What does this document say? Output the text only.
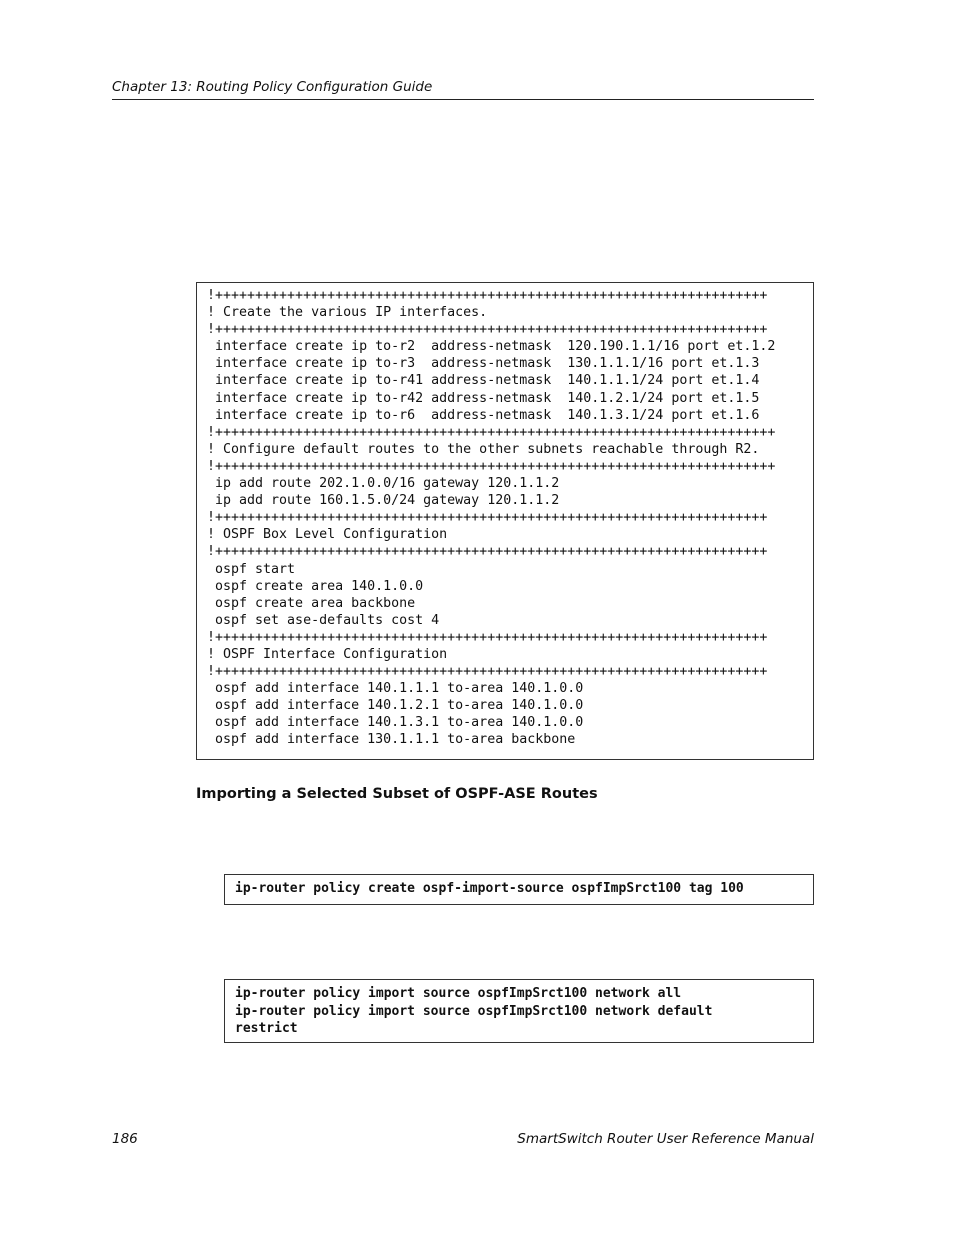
Chapter 13: Routing Policy Configuration Guide
!+++++++++++++++++++++++++++++++++++++++++++++++++++++++++++++++++++++
! Create the various IP interfaces.
!+++++++++++++++++++++++++++++++++++++++++++++++++++++++++++++++++++++
interface create ip to-r2  address-netmask  120.190.1.1/16 port et.1.2
interface create ip to-r3  address-netmask  130.1.1.1/16 port et.1.3
interface create ip to-r41 address-netmask  140.1.1.1/24 port et.1.4
interface create ip to-r42 address-netmask  140.1.2.1/24 port et.1.5
interface create ip to-r6  address-netmask  140.1.3.1/24 port et.1.6
!++++++++++++++++++++++++++++++++++++++++++++++++++++++++++++++++++++++
! Configure default routes to the other subnets reachable through R2.
!++++++++++++++++++++++++++++++++++++++++++++++++++++++++++++++++++++++
ip add route 202.1.0.0/16 gateway 120.1.1.2
ip add route 160.1.5.0/24 gateway 120.1.1.2
!+++++++++++++++++++++++++++++++++++++++++++++++++++++++++++++++++++++
! OSPF Box Level Configuration
!+++++++++++++++++++++++++++++++++++++++++++++++++++++++++++++++++++++
ospf start
ospf create area 140.1.0.0
ospf create area backbone
ospf set ase-defaults cost 4
!+++++++++++++++++++++++++++++++++++++++++++++++++++++++++++++++++++++
! OSPF Interface Configuration
!+++++++++++++++++++++++++++++++++++++++++++++++++++++++++++++++++++++
ospf add interface 140.1.1.1 to-area 140.1.0.0
ospf add interface 140.1.2.1 to-area 140.1.0.0
ospf add interface 140.1.3.1 to-area 140.1.0.0
ospf add interface 130.1.1.1 to-area backbone
Importing a Selected Subset of OSPF-ASE Routes
ip-router policy create ospf-import-source ospfImpSrct100 tag 100
ip-router policy import source ospfImpSrct100 network all
ip-router policy import source ospfImpSrct100 network default
restrict
186	SmartSwitch Router User Reference Manual
